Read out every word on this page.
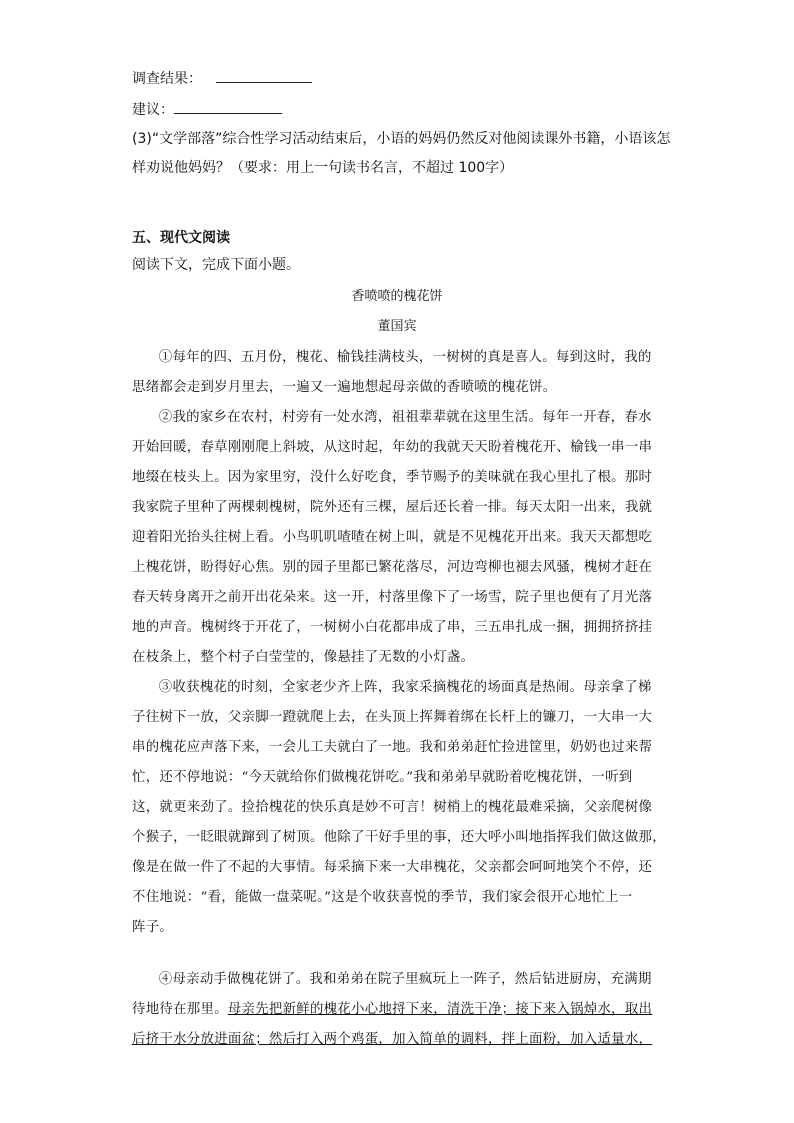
调查结果：
建议：
(3)“文学部落”综合性学习活动结束后，小语的妈妈仍然反对他阅读课外书籍，小语该怎
样劝说他妈妈？（要求：用上一句读书名言，不超过 100字）
五、现代文阅读
阅读下文，完成下面小题。
香喷喷的槐花饼
董国宾
①每年的四、五月份，槐花、榆钱挂满枝头，一树树的真是喜人。每到这时，我的
思绪都会走到岁月里去，一遍又一遍地想起母亲做的香喷喷的槐花饼。
②我的家乡在农村，村旁有一处水湾，祖祖辈辈就在这里生活。每年一开春，春水
开始回暖，春草刚刚爬上斜坡，从这时起，年幼的我就天天盼着槐花开、榆钱一串一串
地缀在枝头上。因为家里穷，没什么好吃食，季节赐予的美味就在我心里扎了根。那时
我家院子里种了两棵刺槐树，院外还有三棵，屋后还长着一排。每天太阳一出来，我就
迎着阳光抬头往树上看。小鸟叽叽喳喳在树上叫，就是不见槐花开出来。我天天都想吃
上槐花饼，盼得好心焦。别的园子里都已繁花落尽，河边弯柳也褪去风骚，槐树才赶在
春天转身离开之前开出花朵来。这一开，村落里像下了一场雪，院子里也便有了月光落
地的声音。槐树终于开花了，一树树小白花都串成了串，三五串扎成一捆，拥拥挤挤挂
在枝条上，整个村子白莹莹的，像悬挂了无数的小灯盏。
③收获槐花的时刻，全家老少齐上阵，我家采摘槐花的场面真是热闹。母亲拿了梯
子往树下一放，父亲脚一蹬就爬上去，在头顶上挥舞着绑在长杆上的镰刀，一大串一大
串的槐花应声落下来，一会儿工夫就白了一地。我和弟弟赶忙捡进筐里，奶奶也过来帮
忙，还不停地说：“今天就给你们做槐花饼吃。”我和弟弟早就盼着吃槐花饼，一听到
这，就更来劲了。捡拾槐花的快乐真是妙不可言！树梢上的槐花最难采摘，父亲爬树像
个猴子，一眨眼就蹿到了树顶。他除了干好手里的事，还大呼小叫地指挥我们做这做那，
像是在做一件了不起的大事情。每采摘下来一大串槐花，父亲都会呵呵地笑个不停，还
不住地说：“看，能做一盘菜呢。”这是个收获喜悦的季节，我们家会很开心地忙上一
阵子。
④母亲动手做槐花饼了。我和弟弟在院子里疯玩上一阵子，然后钻进厨房，充满期
待地待在那里。母亲先把新鲜的槐花小心地捋下来，清洗干净；接下来入锅焯水，取出
后挤干水分放进面盆；然后打入两个鸡蛋，加入简单的调料，拌上面粉，加入适量水，
